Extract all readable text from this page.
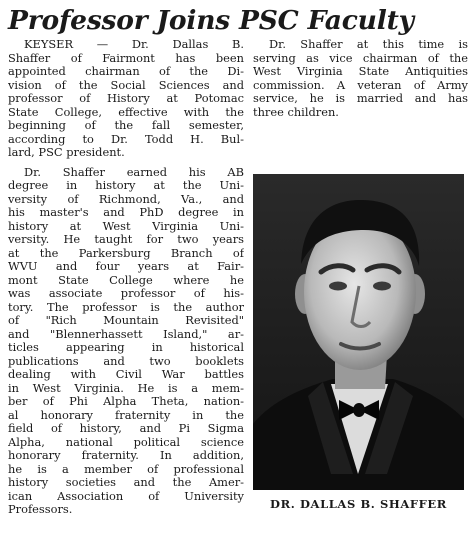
Professor Joins PSC Faculty
KEYSER — Dr. Dallas B.
Shaffer of Fairmont has been
appointed chairman of the Di-
vision of the Social Sciences and
professor of History at Potomac
State College, effective with the
beginning of the fall semester,
according to Dr. Todd H. Bul-
lard, PSC president.
Dr. Shaffer earned his AB
degree in history at the Uni-
versity of Richmond, Va., and
his master's and PhD degree in
history at West Virginia Uni-
versity. He taught for two years
at the Parkersburg Branch of
WVU and four years at Fair-
mont State College where he
was associate professor of his-
tory. The professor is the author
of "Rich Mountain Revisited"
and "Blennerhassett Island," ar-
ticles appearing in historical
publications and two booklets
dealing with Civil War battles
in West Virginia. He is a mem-
ber of Phi Alpha Theta, nation-
al honorary fraternity in the
field of history, and Pi Sigma
Alpha, national political science
honorary fraternity. In addition,
he is a member of professional
history societies and the Amer-
ican Association of University
Professors.
Dr. Shaffer at this time is
serving as vice chairman of the
West Virginia State Antiquities
commission. A veteran of Army
service, he is married and has
three children.
DR. DALLAS B. SHAFFER
